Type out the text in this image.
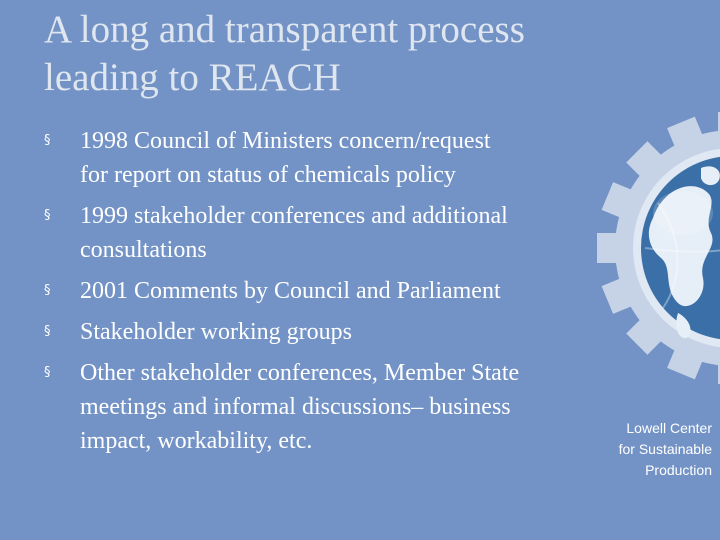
A long and transparent process
leading to REACH
§ 1998 Council of Ministers concern/request
for report on status of chemicals policy
§ 1999 stakeholder conferences and additional
consultations
§ 2001 Comments by Council and Parliament
§ Stakeholder working groups
§ Other stakeholder conferences, Member State
meetings and informal discussions– business
impact, workability, etc.	Lowell Center
for Sustainable
Production
